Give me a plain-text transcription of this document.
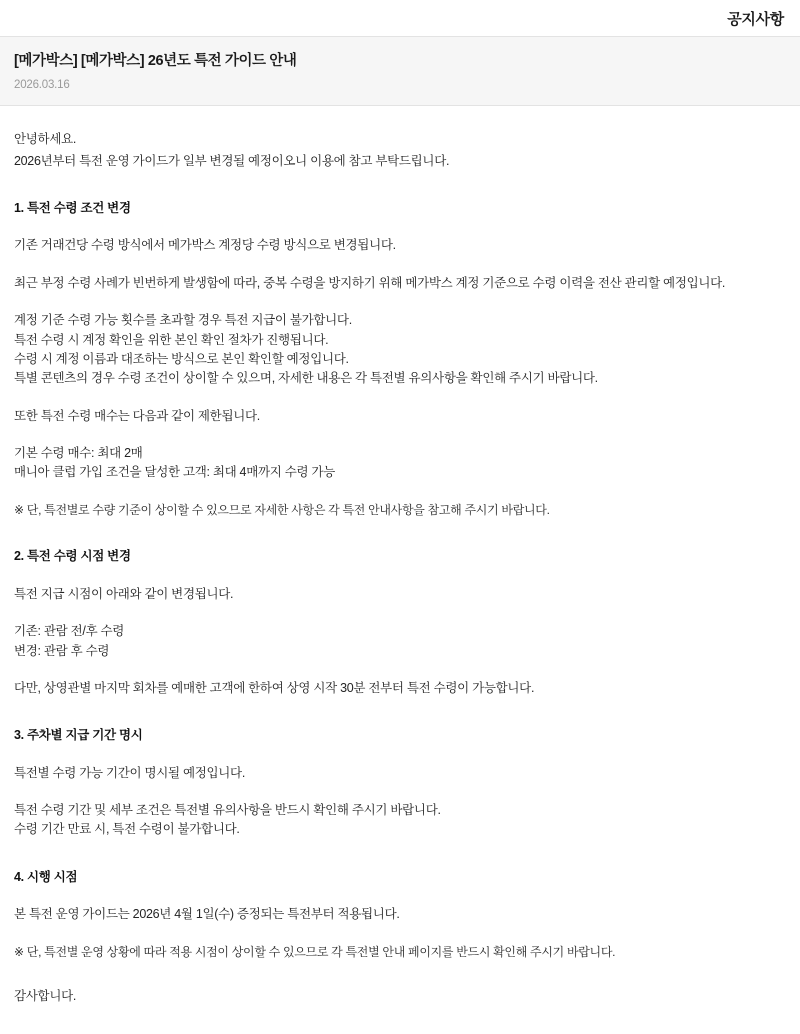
공지사항
[메가박스] [메가박스] 26년도 특전 가이드 안내
2026.03.16

안녕하세요.

2026년부터 특전 운영 가이드가 일부 변경될 예정이오니 이용에 참고 부탁드립니다.

1. 특전 수령 조건 변경

기존 거래건당 수령 방식에서 메가박스 계정당 수령 방식으로 변경됩니다.

최근 부정 수령 사례가 빈번하게 발생함에 따라, 중복 수령을 방지하기 위해 메가박스 계정 기준으로 수령 이력을 전산 관리할 예정입니다.

계정 기준 수령 가능 횟수를 초과할 경우 특전 지급이 불가합니다.

특전 수령 시 계정 확인을 위한 본인 확인 절차가 진행됩니다.

수령 시 계정 이름과 대조하는 방식으로 본인 확인할 예정입니다.

특별 콘텐츠의 경우 수령 조건이 상이할 수 있으며, 자세한 내용은 각 특전별 유의사항을 확인해 주시기 바랍니다.

또한 특전 수령 매수는 다음과 같이 제한됩니다.

기본 수령 매수: 최대 2매

매니아 클럽 가입 조건을 달성한 고객: 최대 4매까지 수령 가능

※ 단, 특전별로 수량 기준이 상이할 수 있으므로 자세한 사항은 각 특전 안내사항을 참고해 주시기 바랍니다.

2. 특전 수령 시점 변경

특전 지급 시점이 아래와 같이 변경됩니다.

기존: 관람 전/후 수령

변경: 관람 후 수령

다만, 상영관별 마지막 회차를 예매한 고객에 한하여 상영 시작 30분 전부터 특전 수령이 가능합니다.

3. 주차별 지급 기간 명시

특전별 수령 가능 기간이 명시될 예정입니다.

특전 수령 기간 및 세부 조건은 특전별 유의사항을 반드시 확인해 주시기 바랍니다.

수령 기간 만료 시, 특전 수령이 불가합니다.

4. 시행 시점

본 특전 운영 가이드는 2026년 4월 1일(수) 증정되는 특전부터 적용됩니다.

※ 단, 특전별 운영 상황에 따라 적용 시점이 상이할 수 있으므로 각 특전별 안내 페이지를 반드시 확인해 주시기 바랍니다.

감사합니다.
